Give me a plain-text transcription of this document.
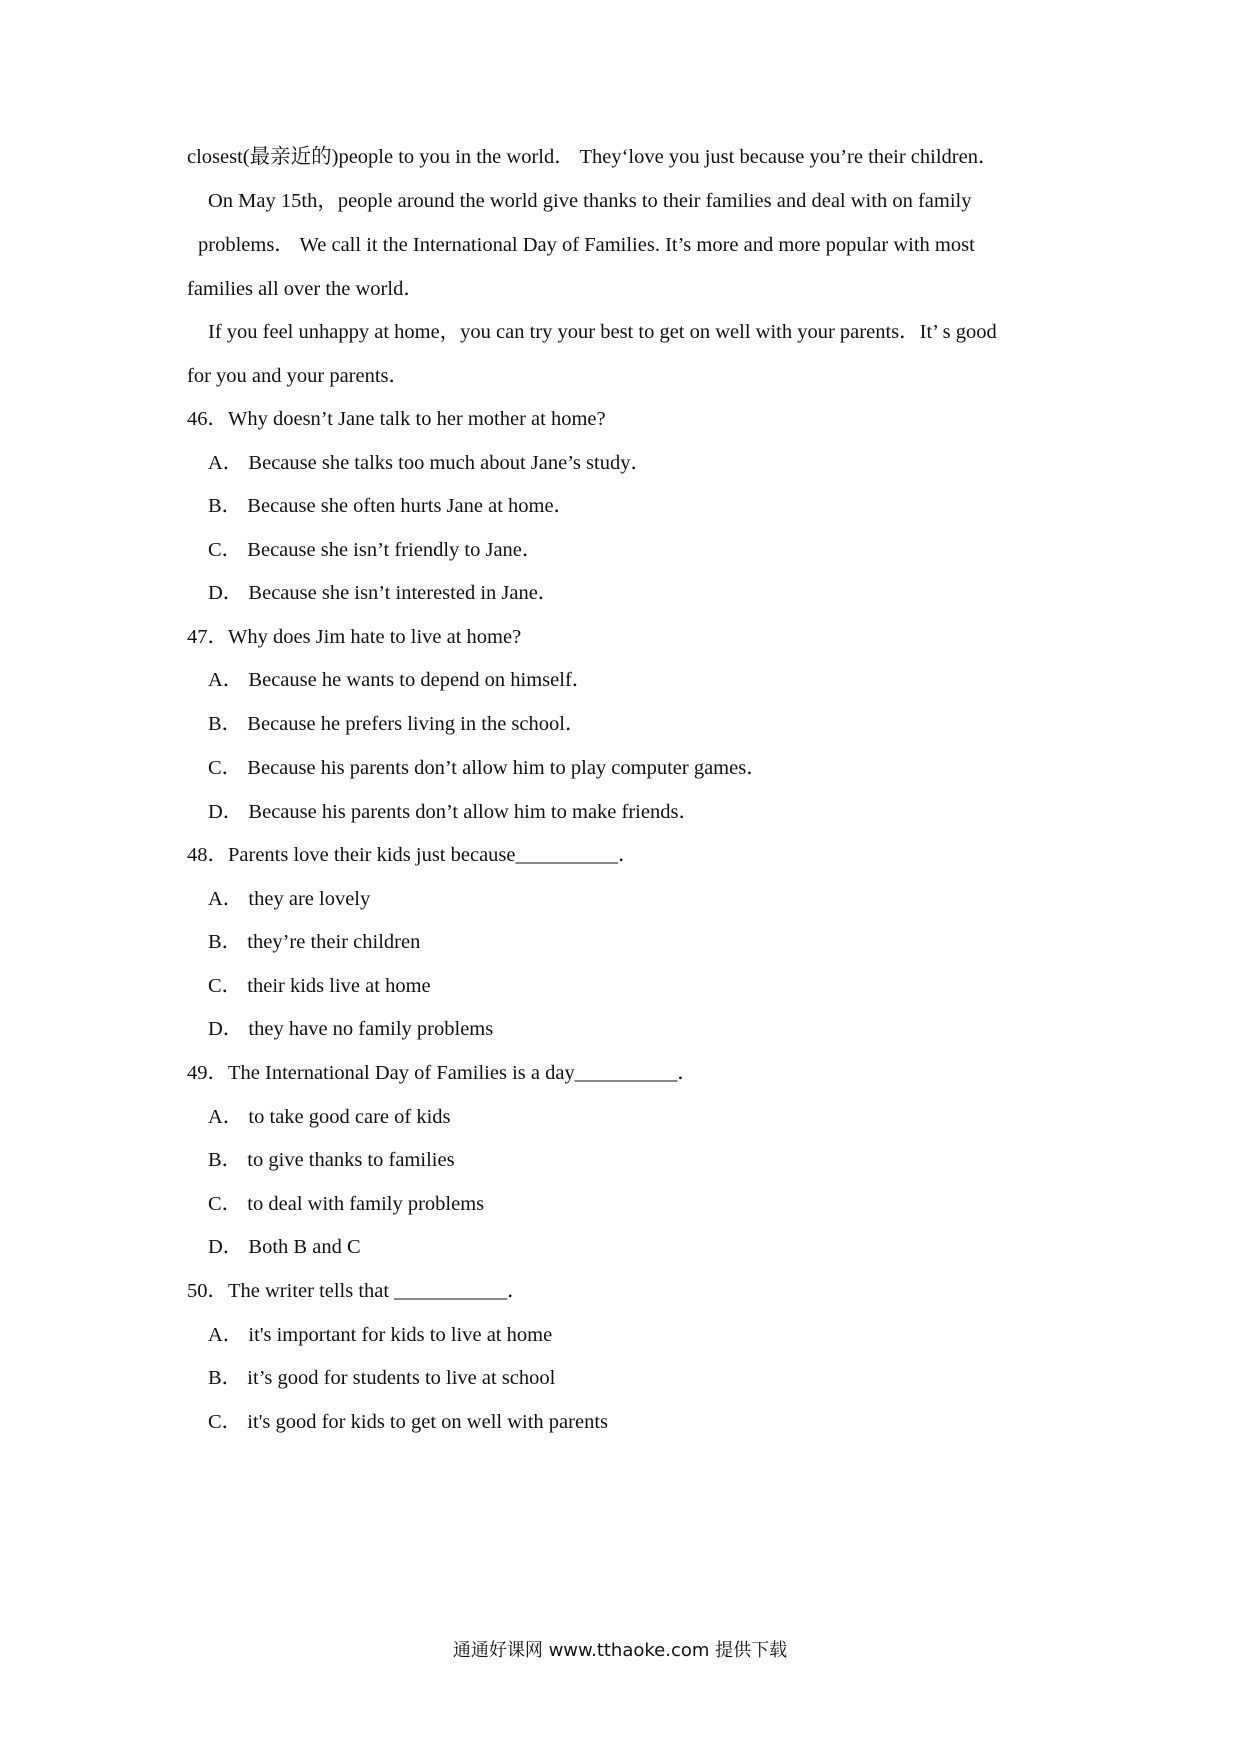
closest(最亲近的)people to you in the world． They‘love you just because you’re their children．
On May 15th，people around the world give thanks to their families and deal with on family
problems． We call it the International Day of Families. It’s more and more popular with most
families all over the world．
If you feel unhappy at home，you can try your best to get on well with your parents．It’ s good
for you and your parents．
46．Why doesn’t Jane talk to her mother at home?
A． Because she talks too much about Jane’s study．
B． Because she often hurts Jane at home．
C． Because she isn’t friendly to Jane．
D． Because she isn’t interested in Jane．
47．Why does Jim hate to live at home?
A． Because he wants to depend on himself．
B． Because he prefers living in the school．
C． Because his parents don’t allow him to play computer games．
D． Because his parents don’t allow him to make friends．
48．Parents love their kids just because__________．
A． they are lovely
B． they’re their children
C． their kids live at home
D． they have no family problems
49．The International Day of Families is a day__________．
A． to take good care of kids
B． to give thanks to families
C． to deal with family problems
D． Both B and C
50．The writer tells that ___________．
A． it's important for kids to live at home
B． it’s good for students to live at school
C． it's good for kids to get on well with parents
通通好课网 www.tthaoke.com 提供下载
